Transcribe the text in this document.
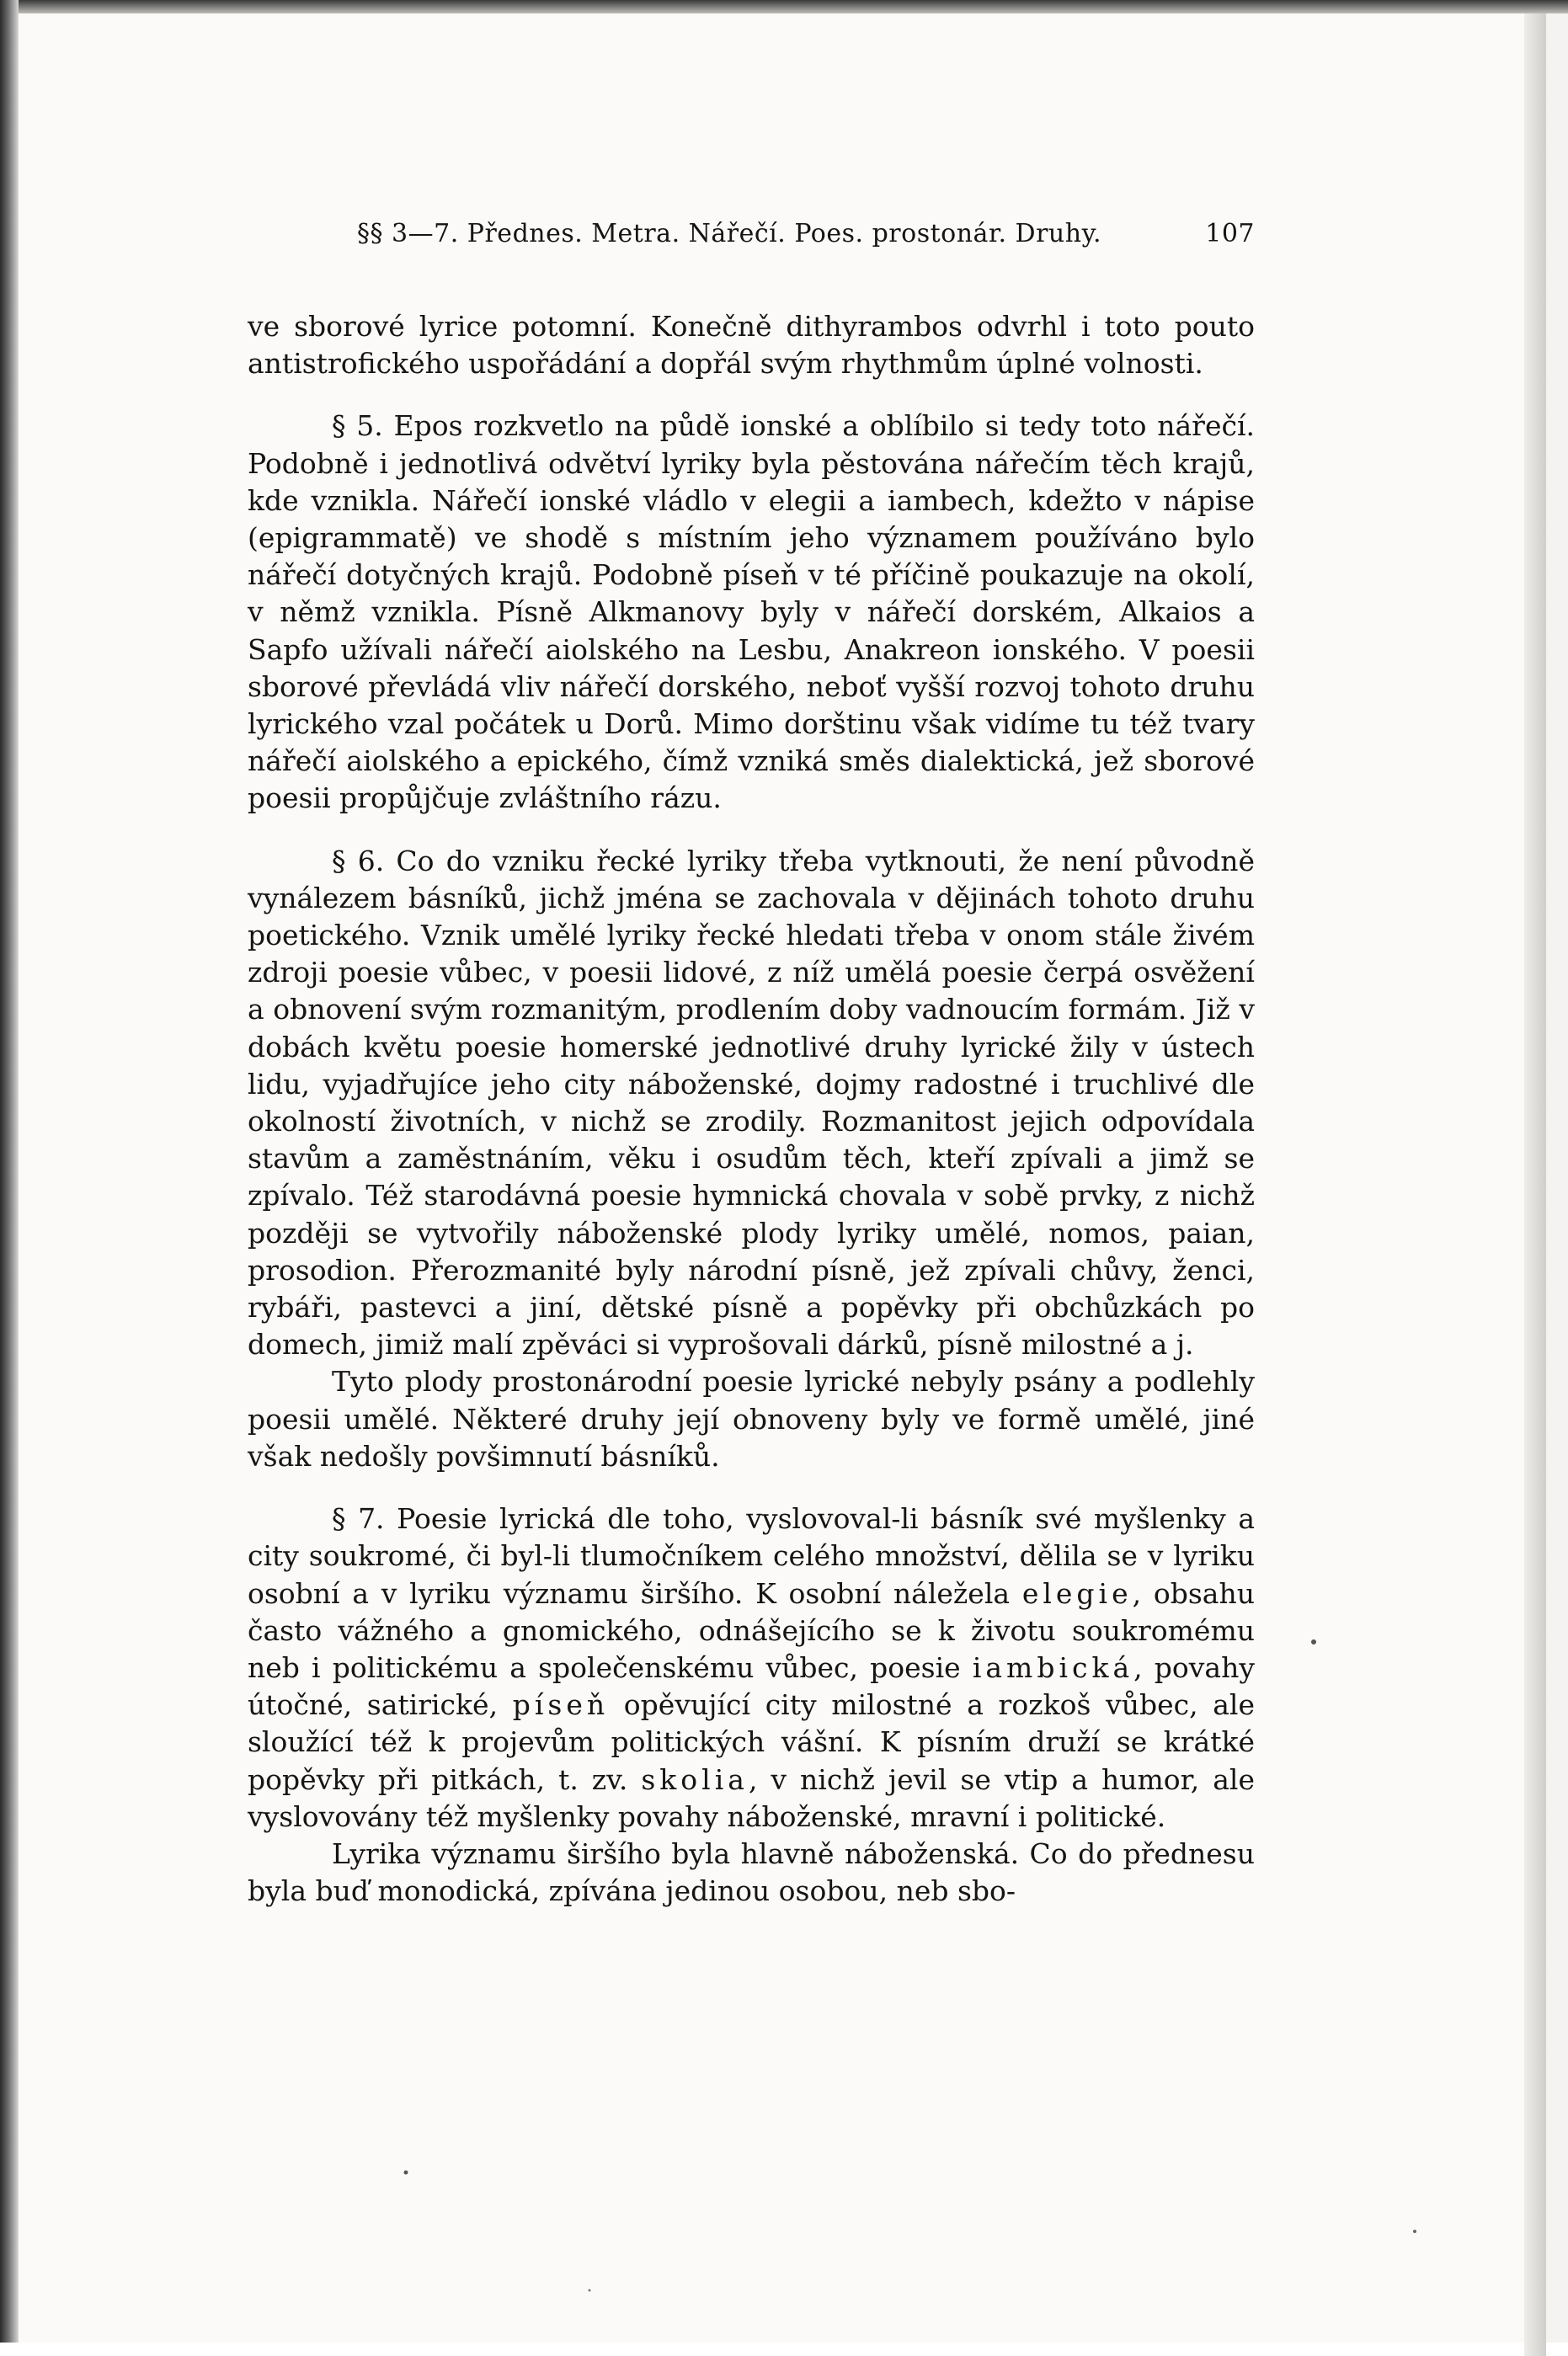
§§ 3—7. Přednes. Metra. Nářečí. Poes. prostonár. Druhy.	107

ve sborové lyrice potomní. Konečně dithyrambos odvrhl i toto pouto antistrofického uspořádání a dopřál svým rhythmům úplné volnosti.

§ 5. Epos rozkvetlo na půdě ionské a oblíbilo si tedy toto nářečí. Podobně i jednotlivá odvětví lyriky byla pěstována nářečím těch krajů, kde vznikla. Nářečí ionské vládlo v elegii a iambech, kdežto v nápise (epigrammatě) ve shodě s místním jeho významem používáno bylo nářečí dotyčných krajů. Podobně píseň v té příčině poukazuje na okolí, v němž vznikla. Písně Alkmanovy byly v nářečí dorském, Alkaios a Sapfo užívali nářečí aiolského na Lesbu, Anakreon ionského. V poesii sborové převládá vliv nářečí dorského, neboť vyšší rozvoj tohoto druhu lyrického vzal počátek u Dorů. Mimo dorštinu však vidíme tu též tvary nářečí aiolského a epického, čímž vzniká směs dialektická, jež sborové poesii propůjčuje zvláštního rázu.

§ 6. Co do vzniku řecké lyriky třeba vytknouti, že není původně vynálezem básníků, jichž jména se zachovala v dějinách tohoto druhu poetického. Vznik umělé lyriky řecké hledati třeba v onom stále živém zdroji poesie vůbec, v poesii lidové, z níž umělá poesie čerpá osvěžení a obnovení svým rozmanitým, prodlením doby vadnoucím formám. Již v dobách květu poesie homerské jednotlivé druhy lyrické žily v ústech lidu, vyjadřujíce jeho city náboženské, dojmy radostné i truchlivé dle okolností životních, v nichž se zrodily. Rozmanitost jejich odpovídala stavům a zaměstnáním, věku i osudům těch, kteří zpívali a jimž se zpívalo. Též starodávná poesie hymnická chovala v sobě prvky, z nichž později se vytvořily náboženské plody lyriky umělé, nomos, paian, prosodion. Přerozmanité byly národní písně, jež zpívali chůvy, ženci, rybáři, pastevci a jiní, dětské písně a popěvky při obchůzkách po domech, jimiž malí zpěváci si vyprošovali dárků, písně milostné a j.

Tyto plody prostonárodní poesie lyrické nebyly psány a podlehly poesii umělé. Některé druhy její obnoveny byly ve formě umělé, jiné však nedošly povšimnutí básníků.

§ 7. Poesie lyrická dle toho, vyslovoval-li básník své myšlenky a city soukromé, či byl-li tlumočníkem celého množství, dělila se v lyriku osobní a v lyriku významu širšího. K osobní náležela elegie, obsahu často vážného a gnomického, odnášejícího se k životu soukromému neb i politickému a společenskému vůbec, poesie iambická, povahy útočné, satirické, píseň opěvující city milostné a rozkoš vůbec, ale sloužící též k projevům politických vášní. K písním druží se krátké popěvky při pitkách, t. zv. skolia, v nichž jevil se vtip a humor, ale vyslovovány též myšlenky povahy náboženské, mravní i politické.

Lyrika významu širšího byla hlavně náboženská. Co do přednesu byla buď monodická, zpívána jedinou osobou, neb sbo-
